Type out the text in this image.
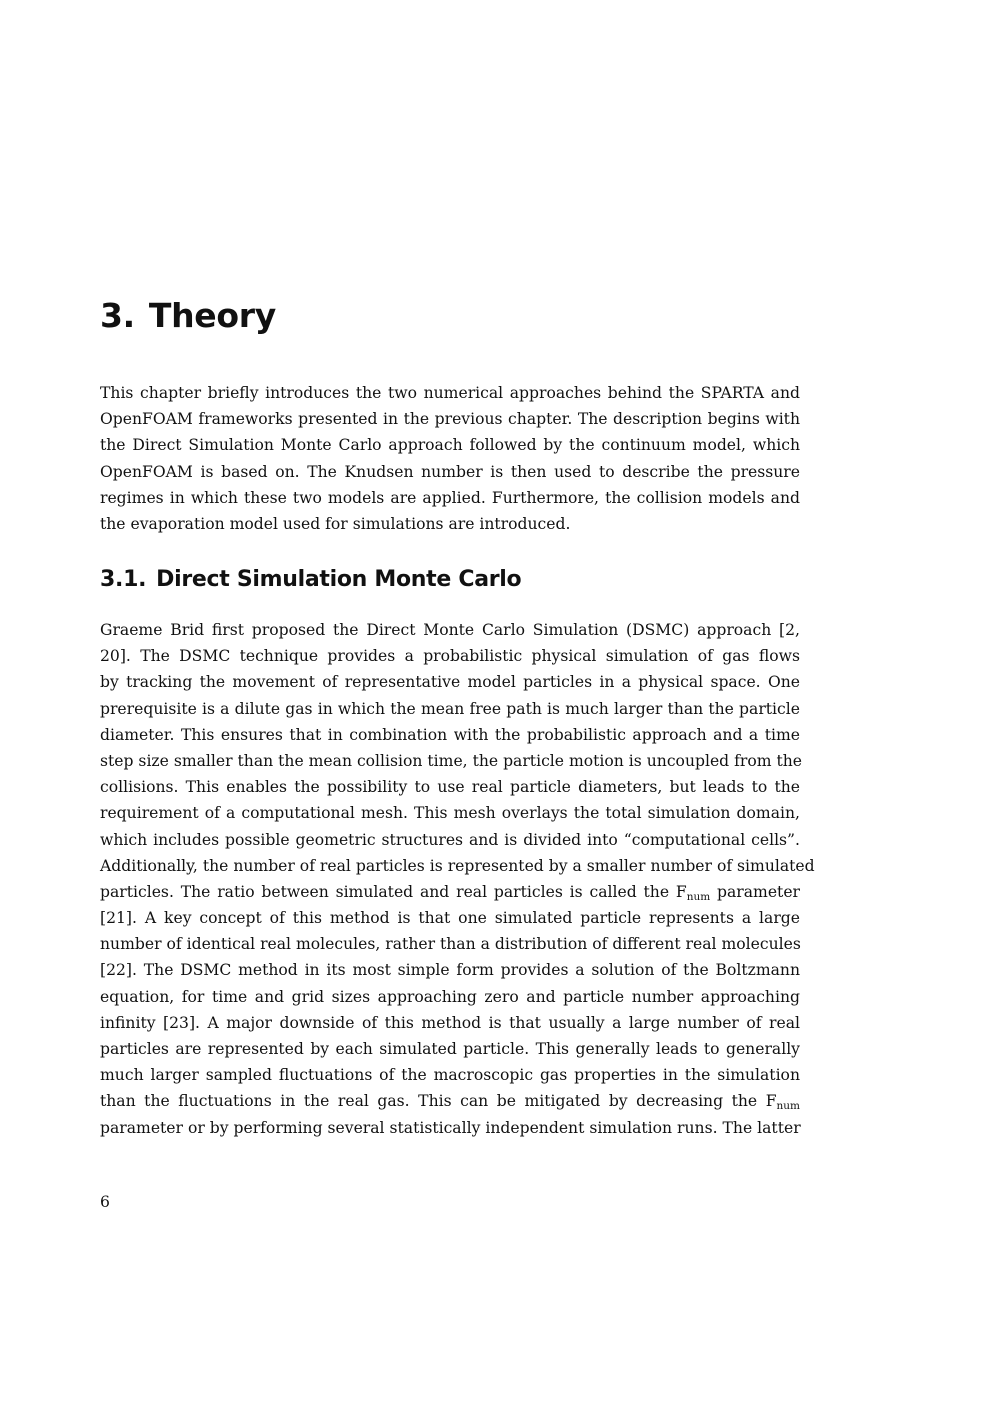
3. Theory
This chapter briefly introduces the two numerical approaches behind the SPARTA and
OpenFOAM frameworks presented in the previous chapter. The description begins with
the Direct Simulation Monte Carlo approach followed by the continuum model, which
OpenFOAM is based on. The Knudsen number is then used to describe the pressure
regimes in which these two models are applied. Furthermore, the collision models and
the evaporation model used for simulations are introduced.
3.1. Direct Simulation Monte Carlo
Graeme Brid first proposed the Direct Monte Carlo Simulation (DSMC) approach [2,
20]. The DSMC technique provides a probabilistic physical simulation of gas flows
by tracking the movement of representative model particles in a physical space. One
prerequisite is a dilute gas in which the mean free path is much larger than the particle
diameter. This ensures that in combination with the probabilistic approach and a time
step size smaller than the mean collision time, the particle motion is uncoupled from the
collisions. This enables the possibility to use real particle diameters, but leads to the
requirement of a computational mesh. This mesh overlays the total simulation domain,
which includes possible geometric structures and is divided into “computational cells”.
Additionally, the number of real particles is represented by a smaller number of simulated
particles. The ratio between simulated and real particles is called the $F_{num}$ parameter
[21]. A key concept of this method is that one simulated particle represents a large
number of identical real molecules, rather than a distribution of different real molecules
[22]. The DSMC method in its most simple form provides a solution of the Boltzmann
equation, for time and grid sizes approaching zero and particle number approaching
infinity [23]. A major downside of this method is that usually a large number of real
particles are represented by each simulated particle. This generally leads to generally
much larger sampled fluctuations of the macroscopic gas properties in the simulation
than the fluctuations in the real gas. This can be mitigated by decreasing the $F_{num}$
parameter or by performing several statistically independent simulation runs. The latter

6
